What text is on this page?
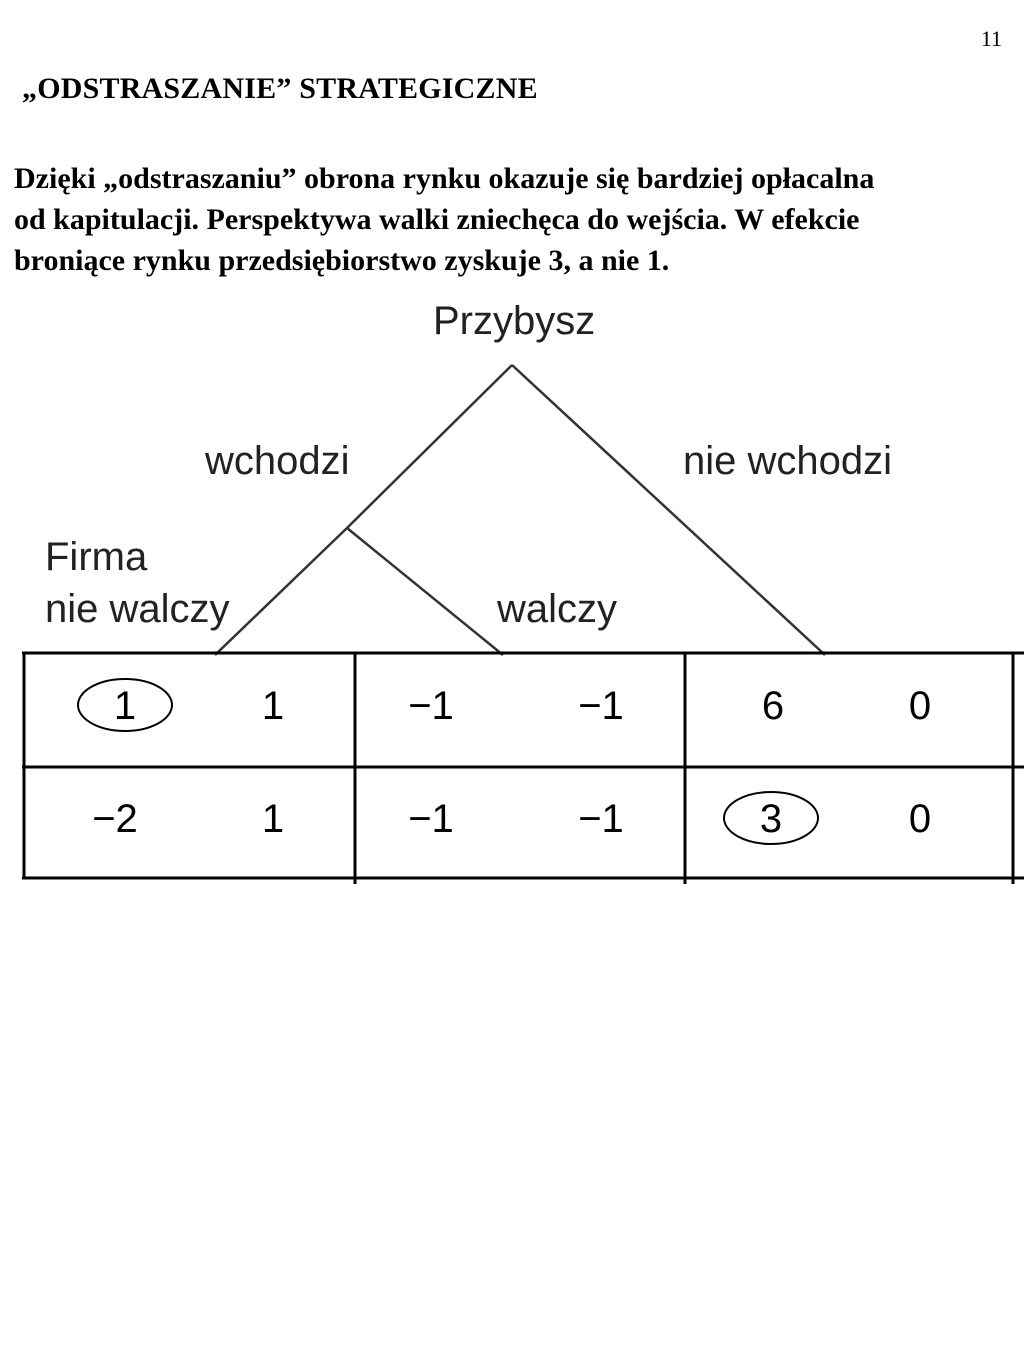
11
„ODSTRASZANIE” STRATEGICZNE
Dzięki „odstraszaniu” obrona rynku okazuje się bardziej opłacalna
od kapitulacji. Perspektywa walki zniechęca do wejścia. W efekcie
broniące rynku przedsiębiorstwo zyskuje 3, a nie 1.
Przybysz
wchodzi	nie wchodzi
Firma
nie walczy	walczy
1	1	−1	−1	6	0
−2	1	−1	−1	3	0
